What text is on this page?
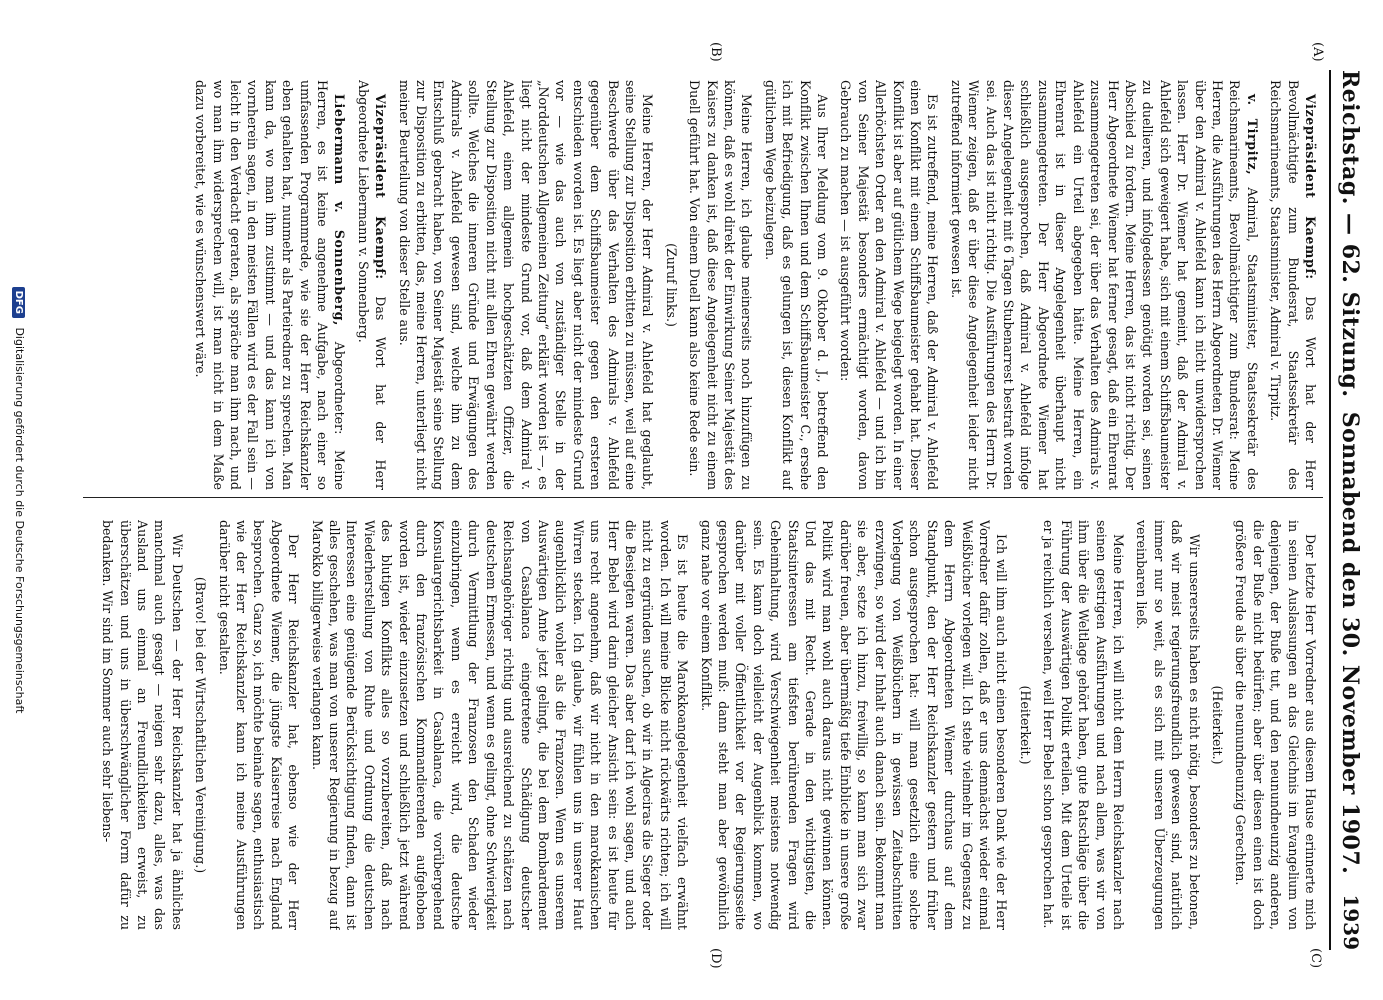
Reichstag. — 62. Sitzung. Sonnabend den 30. November 1907.
1939
(A)
(B)
(C)
(D)

Vizepräsident Kaempf: Das Wort hat der Herr Bevollmächtigte zum Bundesrat, Staatssekretär des Reichsmarineamts, Staatsminister, Admiral v. Tirpitz.

v. Tirpitz, Admiral, Staatsminister, Staatssekretär des Reichsmarineamts, Bevollmächtigter zum Bundesrat: Meine Herren, die Ausführungen des Herrn Abgeordneten Dr. Wiemer über den Admiral v. Ahlefeld kann ich nicht unwidersprochen lassen. Herr Dr. Wiemer hat gemeint, daß der Admiral v. Ahlefeld sich geweigert habe, sich mit einem Schiffsbaumeister zu duellieren, und infolgedessen genötigt worden sei, seinen Abschied zu fordern. Meine Herren, das ist nicht richtig. Der Herr Abgeordnete Wiemer hat ferner gesagt, daß ein Ehrenrat zusammengetreten sei, der über das Verhalten des Admirals v. Ahlefeld ein Urteil abgegeben hätte. Meine Herren, ein Ehrenrat ist in dieser Angelegenheit überhaupt nicht zusammengetreten. Der Herr Abgeordnete Wiemer hat schließlich ausgesprochen, daß Admiral v. Ahlefeld infolge dieser Angelegenheit mit 6 Tagen Stubenarrest bestraft worden sei. Auch das ist nicht richtig. Die Ausführungen des Herrn Dr. Wiemer zeigen, daß er über diese Angelegenheit leider nicht zutreffend informiert gewesen ist.

Es ist zutreffend, meine Herren, daß der Admiral v. Ahlefeld einen Konflikt mit einem Schiffsbaumeister gehabt hat. Dieser Konflikt ist aber auf gütlichem Wege beigelegt worden. In einer Allerhöchsten Order an den Admiral v. Ahlefeld — und ich bin von Seiner Majestät besonders ermächtigt worden, davon Gebrauch zu machen — ist ausgeführt worden:

Aus Ihrer Meldung vom 9. Oktober d. J., betreffend den Konflikt zwischen Ihnen und dem Schiffsbaumeister C., ersehe ich mit Befriedigung, daß es gelungen ist, diesen Konflikt auf gütlichem Wege beizulegen.

Meine Herren, ich glaube meinerseits noch hinzufügen zu können, daß es wohl direkt der Einwirkung Seiner Majestät des Kaisers zu danken ist, daß diese Angelegenheit nicht zu einem Duell geführt hat. Von einem Duell kann also keine Rede sein.

(Zuruf links.)

Meine Herren, der Herr Admiral v. Ahlefeld hat geglaubt, seine Stellung zur Disposition erbitten zu müssen, weil auf eine Beschwerde über das Verhalten des Admirals v. Ahlefeld gegenüber dem Schiffsbaumeister gegen den ersteren entschieden worden ist. Es liegt aber nicht der mindeste Grund vor — wie das auch von zuständiger Stelle in der „Norddeutschen Allgemeinen Zeitung“ erklärt worden ist —, es liegt nicht der mindeste Grund vor, daß dem Admiral v. Ahlefeld, einem allgemein hochgeschätzten Offizier, die Stellung zur Disposition nicht mit allen Ehren gewährt werden sollte. Welches die inneren Gründe und Erwägungen des Admirals v. Ahlefeld gewesen sind, welche ihn zu dem Entschluß gebracht haben, von Seiner Majestät seine Stellung zur Disposition zu erbitten, das, meine Herren, unterliegt nicht meiner Beurteilung von dieser Stelle aus.

Vizepräsident Kaempf: Das Wort hat der Herr Abgeordnete Liebermann v. Sonnenberg.

Liebermann v. Sonnenberg, Abgeordneter: Meine Herren, es ist keine angenehme Aufgabe, nach einer so umfassenden Programmrede, wie sie der Herr Reichskanzler eben gehalten hat, nunmehr als Parteiredner zu sprechen. Man kann da, wo man ihm zustimmt — und das kann ich von vornherein sagen, in den meisten Fällen wird es der Fall sein — leicht in den Verdacht geraten, als spräche man ihm nach, und wo man ihm widersprechen will, ist man nicht in dem Maße dazu vorbereitet, wie es wünschenswert wäre.

Der letzte Herr Vorredner aus diesem Hause erinnerte mich in seinen Auslassungen an das Gleichnis im Evangelium von denjenigen, der Buße tut, und den neunundneunzig anderen, die der Buße nicht bedürfen; aber über diesen einen ist doch größere Freude als über die neunundneunzig Gerechten.

(Heiterkeit.)

Wir unsererseits haben es nicht nötig, besonders zu betonen, daß wir meist regierungsfreundlich gewesen sind, natürlich immer nur so weit, als es sich mit unseren Überzeugungen vereinbaren ließ.

Meine Herren, ich will nicht dem Herrn Reichskanzler nach seinen gestrigen Ausführungen und nach allem, was wir von ihm über die Weltlage gehört haben, gute Ratschläge über die Führung der Auswärtigen Politik erteilen. Mit dem Urteile ist er ja reichlich versehen, weil Herr Bebel schon gesprochen hat.

(Heiterkeit.)

Ich will ihm auch nicht einen besonderen Dank wie der Herr Vorredner dafür zollen, daß er uns demnächst wieder einmal Weißbücher vorlegen will. Ich stehe vielmehr im Gegensatz zu dem Herrn Abgeordneten Wiemer durchaus auf dem Standpunkt, den der Herr Reichskanzler gestern und früher schon ausgesprochen hat: will man gesetzlich eine solche Vorlegung von Weißbüchern in gewissen Zeitabschnitten erzwingen, so wird der Inhalt auch danach sein. Bekommt man sie aber, setze ich hinzu, freiwillig, so kann man sich zwar darüber freuen, aber übermäßig tiefe Einblicke in unsere große Politik wird man wohl auch daraus nicht gewinnen können. Und das mit Recht. Gerade in den wichtigsten, die Staatsinteressen am tiefsten berührenden Fragen wird Geheimhaltung, wird Verschwiegenheit meistens notwendig sein. Es kann doch vielleicht der Augenblick kommen, wo darüber mit voller Öffentlichkeit vor der Regierungsseite gesprochen werden muß: dann steht man aber gewöhnlich ganz nahe vor einem Konflikt.

Es ist heute die Marokkoangelegenheit vielfach erwähnt worden. Ich will meine Blicke nicht rückwärts richten; ich will nicht zu ergründen suchen, ob wir in Algeciras die Sieger oder die Besiegten waren. Das aber darf ich wohl sagen, und auch Herr Bebel wird darin gleicher Ansicht sein: es ist heute für uns recht angenehm, daß wir nicht in den marokkanischen Wirren stecken. Ich glaube, wir fühlen uns in unserer Haut augenblicklich wohler als die Franzosen. Wenn es unserem Auswärtigen Amte jetzt gelingt, die bei dem Bombardement von Casablanca eingetretene Schädigung deutscher Reichsangehöriger richtig und ausreichend zu schätzen nach deutschem Ermessen, und wenn es gelingt, ohne Schwierigkeit durch Vermittlung der Franzosen den Schaden wieder einzubringen, wenn es erreicht wird, die deutsche Konsulargerichtsbarkeit in Casablanca, die vorübergehend durch den französischen Kommandierenden aufgehoben worden ist, wieder einzusetzen und schließlich jetzt während des blutigen Konflikts alles so vorzubereiten, daß nach Wiederherstellung von Ruhe und Ordnung die deutschen Interessen eine genügende Berücksichtigung finden, dann ist alles geschehen, was man von unserer Regierung in bezug auf Marokko billigerweise verlangen kann.

Der Herr Reichskanzler hat, ebenso wie der Herr Abgeordnete Wiemer, die jüngste Kaiserreise nach England besprochen. Ganz so, ich möchte beinahe sagen, enthusiastisch wie der Herr Reichskanzler kann ich meine Ausführungen darüber nicht gestalten.

(Bravo! bei der Wirtschaftlichen Vereinigung.)

Wir Deutschen — der Herr Reichskanzler hat ja ähnliches manchmal auch gesagt — neigen sehr dazu, alles, was das Ausland uns einmal an Freundlichkeiten erweist, zu überschätzen und uns in überschwänglicher Form dafür zu bedanken. Wir sind im Sommer auch sehr liebens-

DFG Digitalisierung gefördert durch die Deutsche Forschungsgemeinschaft
